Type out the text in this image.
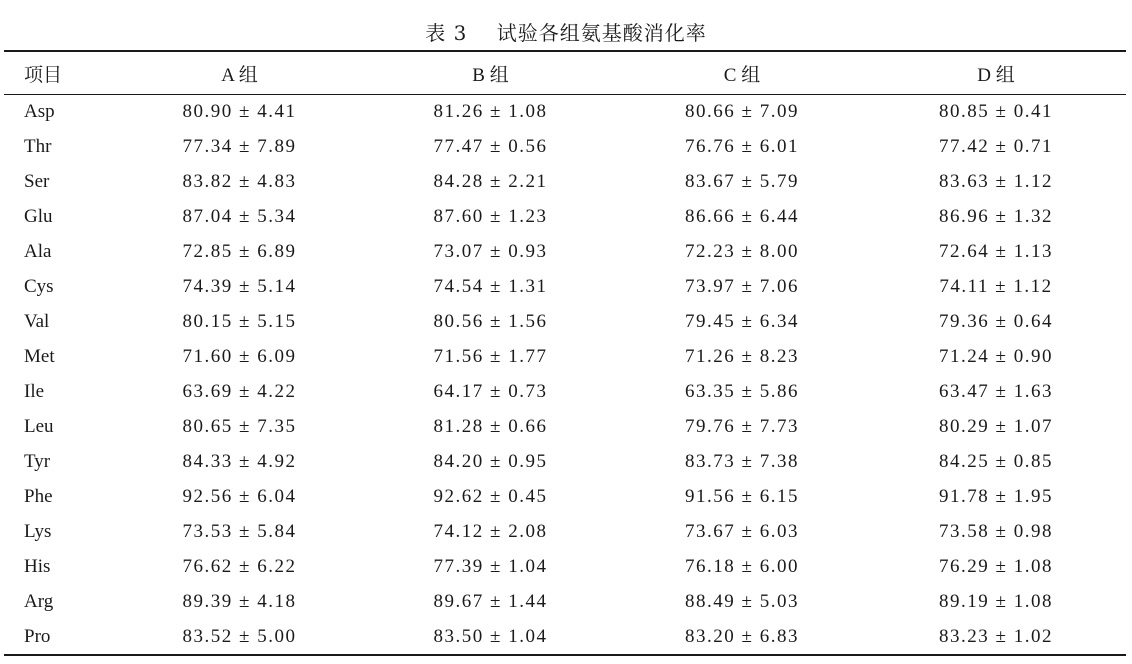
表 3    试验各组氨基酸消化率
项目	A 组	B 组	C 组	D 组
Asp	80.90 ± 4.41	81.26 ± 1.08	80.66 ± 7.09	80.85 ± 0.41
Thr	77.34 ± 7.89	77.47 ± 0.56	76.76 ± 6.01	77.42 ± 0.71
Ser	83.82 ± 4.83	84.28 ± 2.21	83.67 ± 5.79	83.63 ± 1.12
Glu	87.04 ± 5.34	87.60 ± 1.23	86.66 ± 6.44	86.96 ± 1.32
Ala	72.85 ± 6.89	73.07 ± 0.93	72.23 ± 8.00	72.64 ± 1.13
Cys	74.39 ± 5.14	74.54 ± 1.31	73.97 ± 7.06	74.11 ± 1.12
Val	80.15 ± 5.15	80.56 ± 1.56	79.45 ± 6.34	79.36 ± 0.64
Met	71.60 ± 6.09	71.56 ± 1.77	71.26 ± 8.23	71.24 ± 0.90
Ile	63.69 ± 4.22	64.17 ± 0.73	63.35 ± 5.86	63.47 ± 1.63
Leu	80.65 ± 7.35	81.28 ± 0.66	79.76 ± 7.73	80.29 ± 1.07
Tyr	84.33 ± 4.92	84.20 ± 0.95	83.73 ± 7.38	84.25 ± 0.85
Phe	92.56 ± 6.04	92.62 ± 0.45	91.56 ± 6.15	91.78 ± 1.95
Lys	73.53 ± 5.84	74.12 ± 2.08	73.67 ± 6.03	73.58 ± 0.98
His	76.62 ± 6.22	77.39 ± 1.04	76.18 ± 6.00	76.29 ± 1.08
Arg	89.39 ± 4.18	89.67 ± 1.44	88.49 ± 5.03	89.19 ± 1.08
Pro	83.52 ± 5.00	83.50 ± 1.04	83.20 ± 6.83	83.23 ± 1.02
